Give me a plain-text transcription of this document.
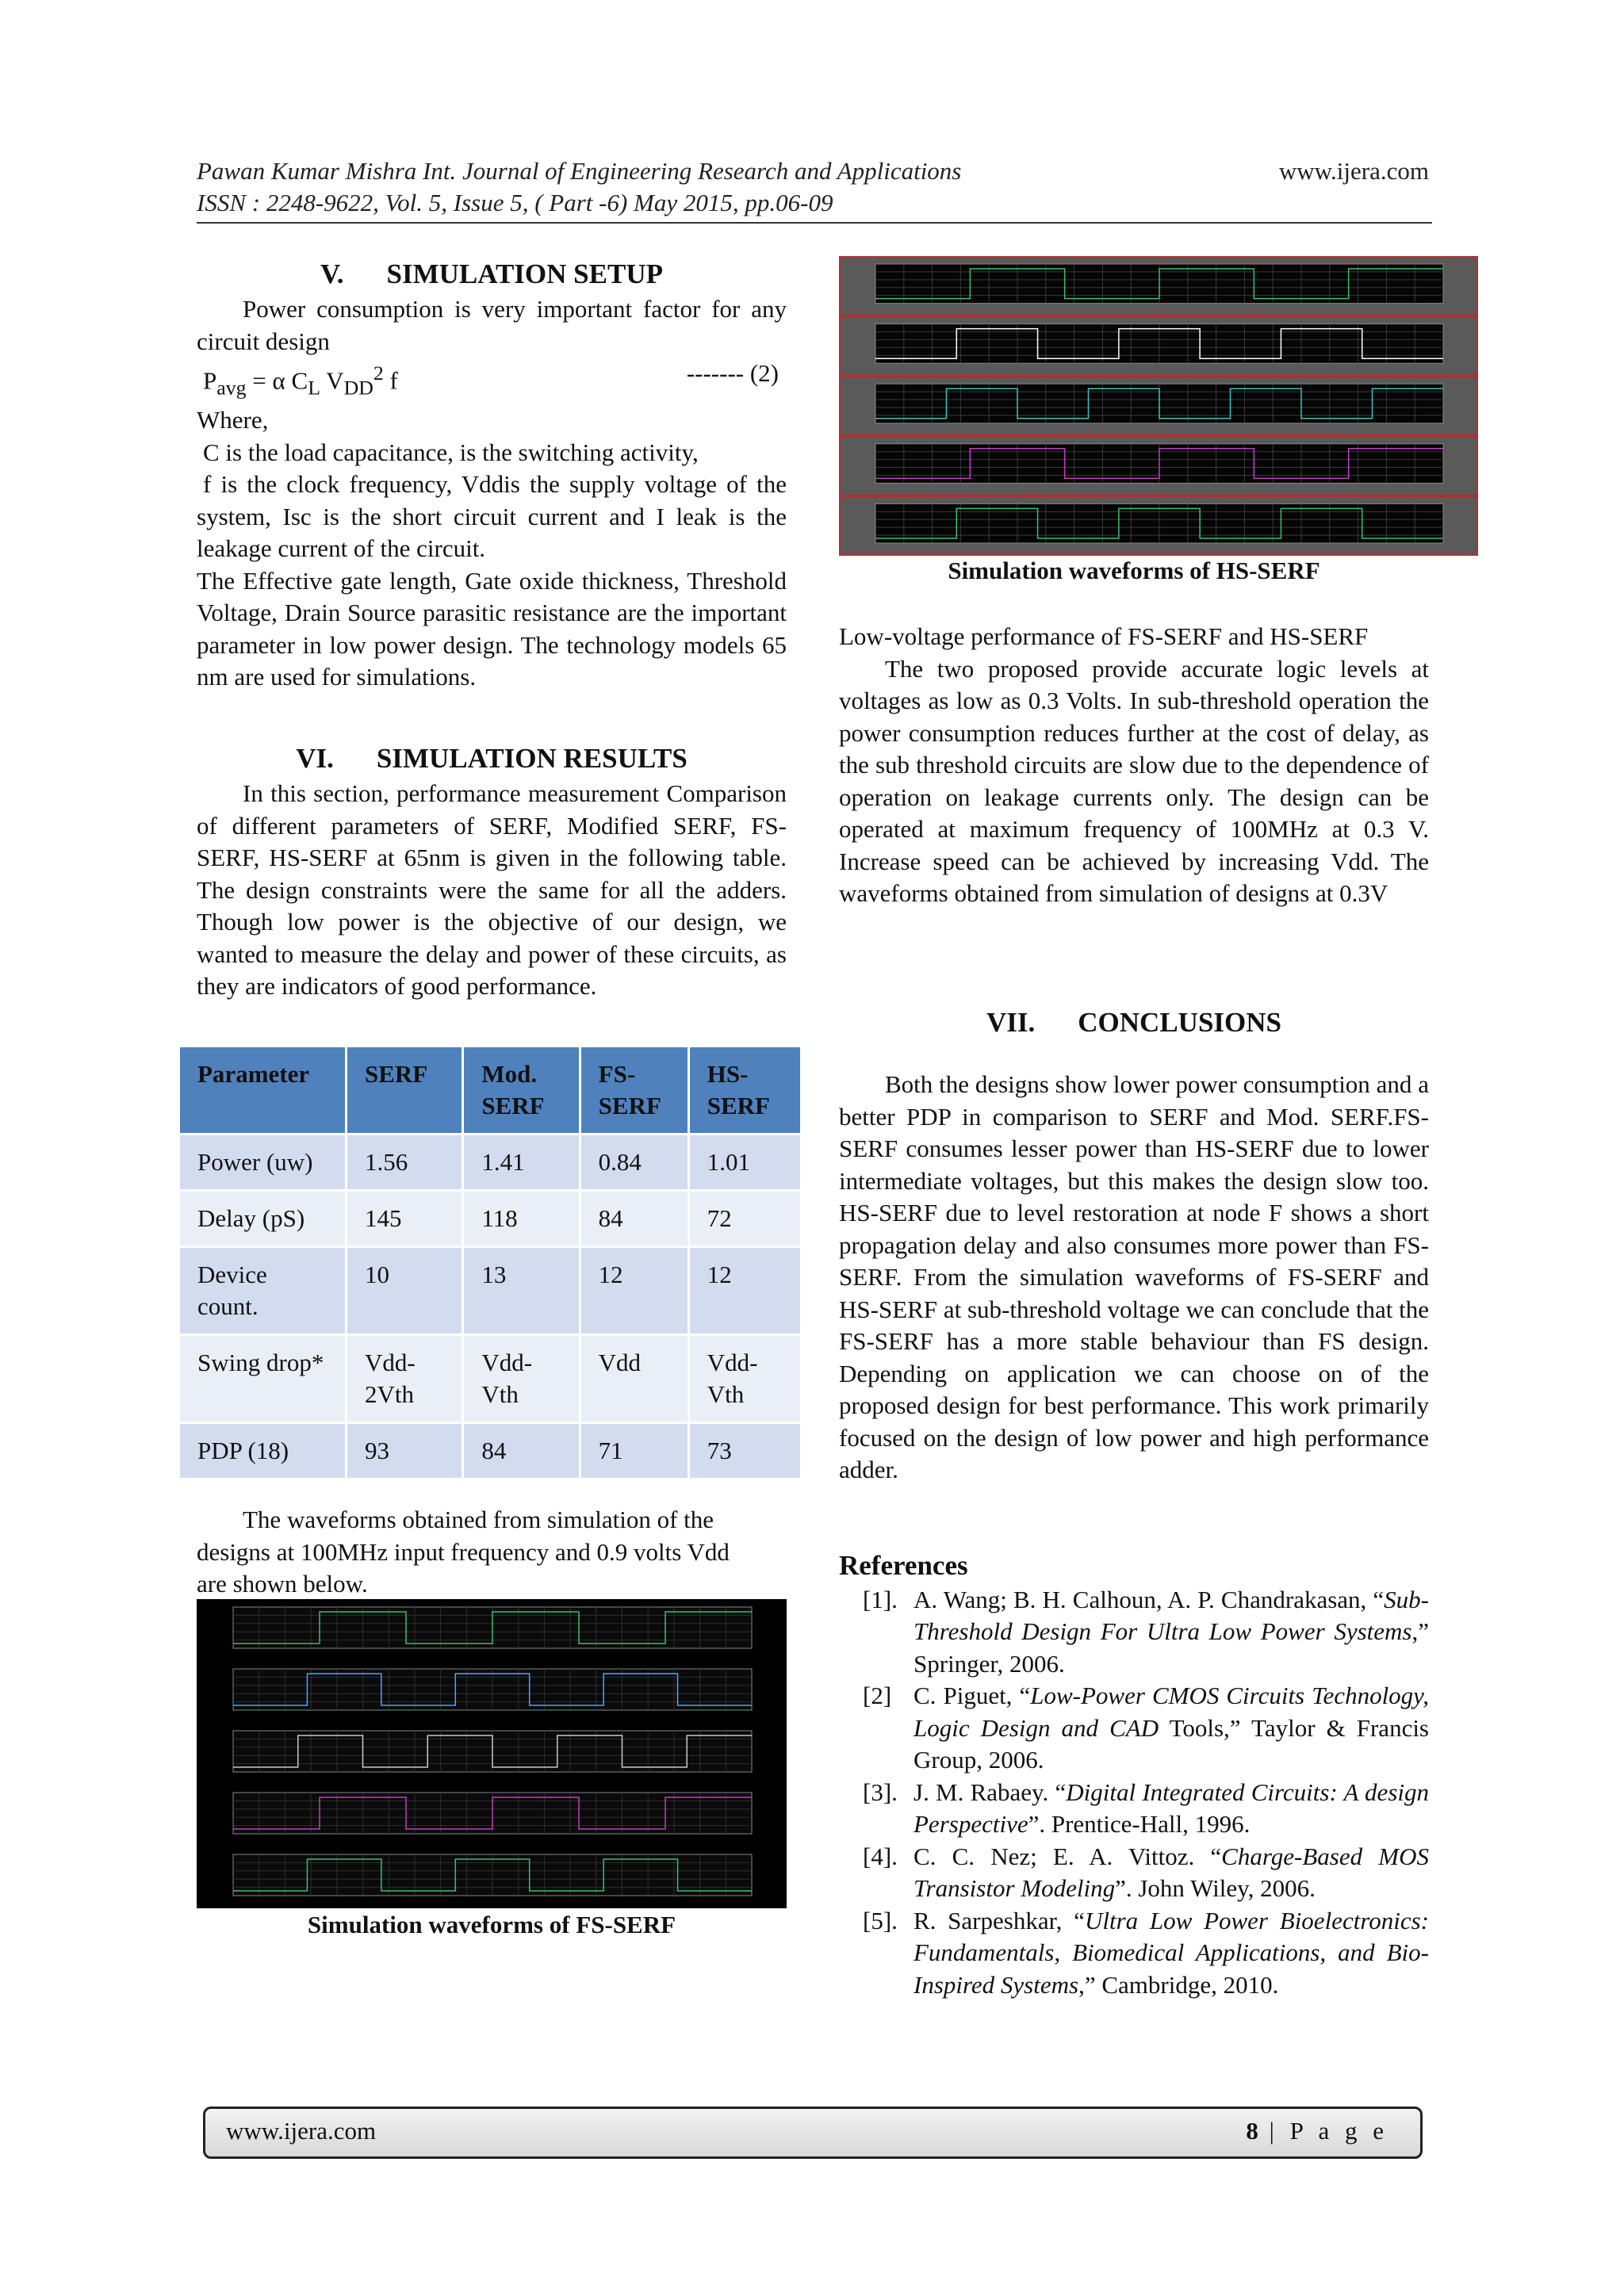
Pawan Kumar Mishra Int. Journal of Engineering Research and Applications	www.ijera.com
ISSN : 2248-9622, Vol. 5, Issue 5, ( Part -6) May 2015, pp.06-09
V. SIMULATION SETUP

Power consumption is very important factor for any circuit design

$P_{avg} = \alpha$ $C_L$ $V_{DD}^2$ f	------- (2)

Where,

C is the load capacitance, is the switching activity,

f is the clock frequency, Vddis the supply voltage of the system, Isc is the short circuit current and I leak is the leakage current of the circuit.

The Effective gate length, Gate oxide thickness, Threshold

Voltage, Drain Source parasitic resistance are the important parameter in low power design. The technology models 65 nm are used for simulations.

VI. SIMULATION RESULTS

In this section, performance measurement Comparison of different parameters of SERF, Modified SERF, FS-SERF, HS-SERF at 65nm is given in the following table. The design constraints were the same for all the adders. Though low power is the objective of our design, we wanted to measure the delay and power of these circuits, as they are indicators of good performance.

Parameter	SERF	Mod. SERF	FS-SERF	HS-SERF
Power (uw)	1.56	1.41	0.84	1.01
Delay (pS)	145	118	84	72
Device count.	10	13	12	12
Swing drop*	Vdd-2Vth	Vdd-Vth	Vdd	Vdd-Vth
PDP (18)	93	84	71	73

The waveforms obtained from simulation of the designs at 100MHz input frequency and 0.9 volts Vdd are shown below.

Simulation waveforms of FS-SERF
Simulation waveforms of HS-SERF

Low-voltage performance of FS-SERF and HS-SERF

The two proposed provide accurate logic levels at voltages as low as 0.3 Volts. In sub-threshold operation the power consumption reduces further at the cost of delay, as the sub threshold circuits are slow due to the dependence of operation on leakage currents only. The design can be operated at maximum frequency of 100MHz at 0.3 V. Increase speed can be achieved by increasing Vdd. The waveforms obtained from simulation of designs at 0.3V

VII. CONCLUSIONS

Both the designs show lower power consumption and a better PDP in comparison to SERF and Mod. SERF.FS-SERF consumes lesser power than HS-SERF due to lower intermediate voltages, but this makes the design slow too. HS-SERF due to level restoration at node F shows a short propagation delay and also consumes more power than FS-SERF. From the simulation waveforms of FS-SERF and HS-SERF at sub-threshold voltage we can conclude that the FS-SERF has a more stable behaviour than FS design. Depending on application we can choose on of the proposed design for best performance. This work primarily focused on the design of low power and high performance adder.

References
[1]. A. Wang; B. H. Calhoun, A. P. Chandrakasan, “Sub-Threshold Design For Ultra Low Power Systems,” Springer, 2006.
[2] C. Piguet, “Low-Power CMOS Circuits Technology, Logic Design and CAD Tools,” Taylor & Francis Group, 2006.
[3]. J. M. Rabaey. “Digital Integrated Circuits: A design Perspective”. Prentice-Hall, 1996.
[4]. C. C. Nez; E. A. Vittoz. “Charge-Based MOS Transistor Modeling”. John Wiley, 2006.
[5]. R. Sarpeshkar, “Ultra Low Power Bioelectronics: Fundamentals, Biomedical Applications, and Bio-Inspired Systems,” Cambridge, 2010.
www.ijera.com	8 | P a g e
